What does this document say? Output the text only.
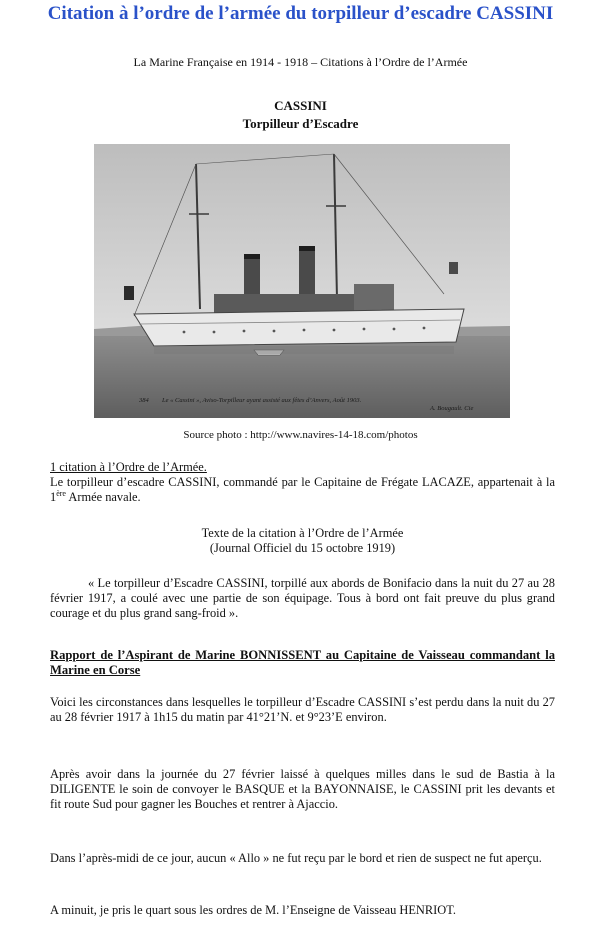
Citation à l’ordre de l’armée du torpilleur d’escadre CASSINI
La Marine Française en 1914 - 1918 – Citations à l’Ordre de l’Armée
CASSINI
Torpilleur d’Escadre
384 Le « Cassini », Aviso-Torpilleur ayant assisté aux fêtes d’Anvers, Août 1903.
A. Bougault. Cie
Source photo : http://www.navires-14-18.com/photos
1 citation à l’Ordre de l’Armée.
Le torpilleur d’escadre CASSINI, commandé par le Capitaine de Frégate LACAZE, appartenait à la 1ère Armée navale.
Texte de la citation à l’Ordre de l’Armée
(Journal Officiel du 15 octobre 1919)

« Le torpilleur d’Escadre CASSINI, torpillé aux abords de Bonifacio dans la nuit du 27 au 28 février 1917, a coulé avec une partie de son équipage. Tous à bord ont fait preuve du plus grand courage et du plus grand sang-froid ».

Rapport de l’Aspirant de Marine BONNISSENT au Capitaine de Vaisseau commandant la Marine en Corse
Voici les circonstances dans lesquelles le torpilleur d’Escadre CASSINI s’est perdu dans la nuit du 27 au 28 février 1917 à 1h15 du matin par 41°21’N. et 9°23’E environ.
Après avoir dans la journée du 27 février laissé à quelques milles dans le sud de Bastia à la DILIGENTE le soin de convoyer le BASQUE et la BAYONNAISE, le CASSINI prit les devants et fit route Sud pour gagner les Bouches et rentrer à Ajaccio.
Dans l’après-midi de ce jour, aucun « Allo » ne fut reçu par le bord et rien de suspect ne fut aperçu.
A minuit, je pris le quart sous les ordres de M. l’Enseigne de Vaisseau HENRIOT.
